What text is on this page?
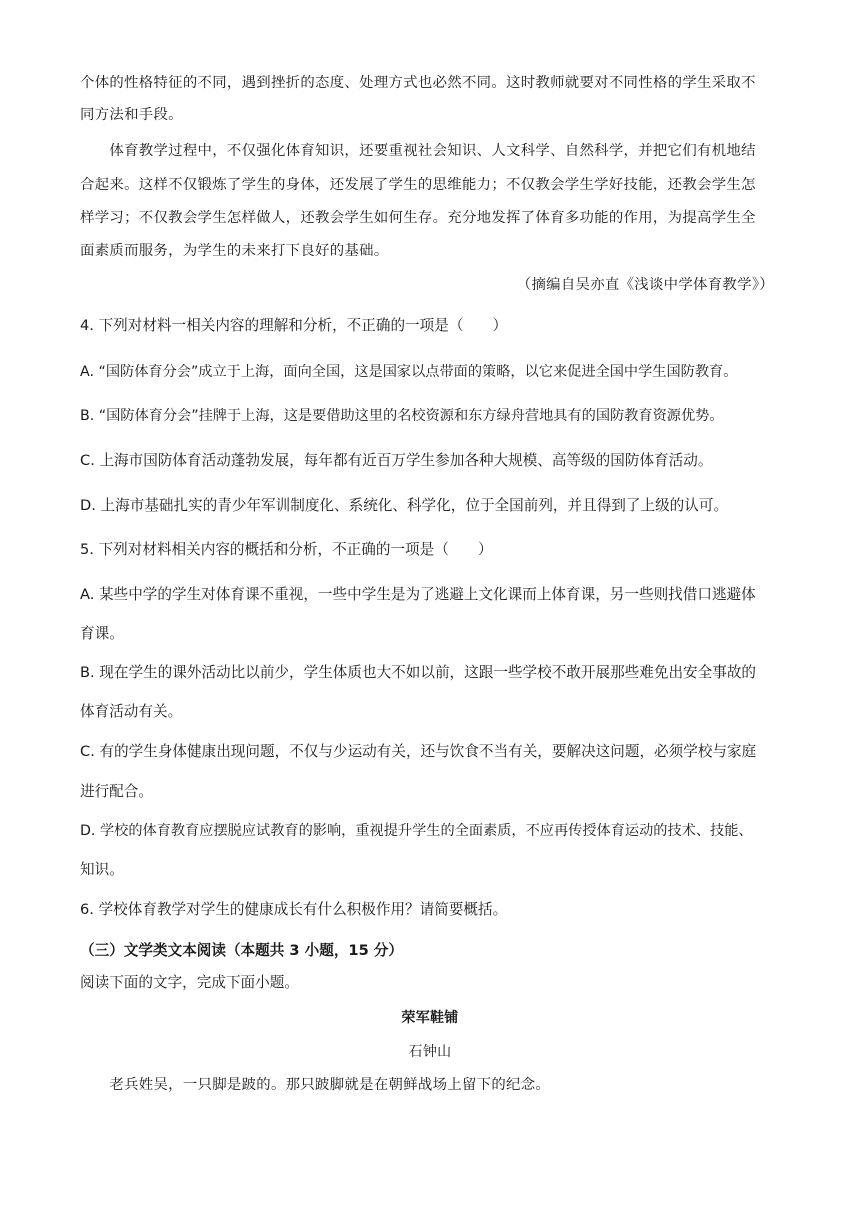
个体的性格特征的不同，遇到挫折的态度、处理方式也必然不同。这时教师就要对不同性格的学生采取不
同方法和手段。
　　体育教学过程中，不仅强化体育知识，还要重视社会知识、人文科学、自然科学，并把它们有机地结
合起来。这样不仅锻炼了学生的身体，还发展了学生的思维能力；不仅教会学生学好技能，还教会学生怎
样学习；不仅教会学生怎样做人，还教会学生如何生存。充分地发挥了体育多功能的作用，为提高学生全
面素质而服务，为学生的未来打下良好的基础。
（摘编自吴亦直《浅谈中学体育教学》）
4. 下列对材料一相关内容的理解和分析，不正确的一项是（　　）
A. “国防体育分会”成立于上海，面向全国，这是国家以点带面的策略，以它来促进全国中学生国防教育。
B. “国防体育分会”挂牌于上海，这是要借助这里的名校资源和东方绿舟营地具有的国防教育资源优势。
C. 上海市国防体育活动蓬勃发展，每年都有近百万学生参加各种大规模、高等级的国防体育活动。
D. 上海市基础扎实的青少年军训制度化、系统化、科学化，位于全国前列，并且得到了上级的认可。
5. 下列对材料相关内容的概括和分析，不正确的一项是（　　）
A. 某些中学的学生对体育课不重视，一些中学生是为了逃避上文化课而上体育课，另一些则找借口逃避体
育课。
B. 现在学生的课外活动比以前少，学生体质也大不如以前，这跟一些学校不敢开展那些难免出安全事故的
体育活动有关。
C. 有的学生身体健康出现问题，不仅与少运动有关，还与饮食不当有关，要解决这问题，必须学校与家庭
进行配合。
D. 学校的体育教育应摆脱应试教育的影响，重视提升学生的全面素质，不应再传授体育运动的技术、技能、
知识。
6. 学校体育教学对学生的健康成长有什么积极作用？请简要概括。
（三）文学类文本阅读（本题共 3 小题，15 分）
阅读下面的文字，完成下面小题。
荣军鞋铺
石钟山
　　老兵姓吴，一只脚是跛的。那只跛脚就是在朝鲜战场上留下的纪念。
